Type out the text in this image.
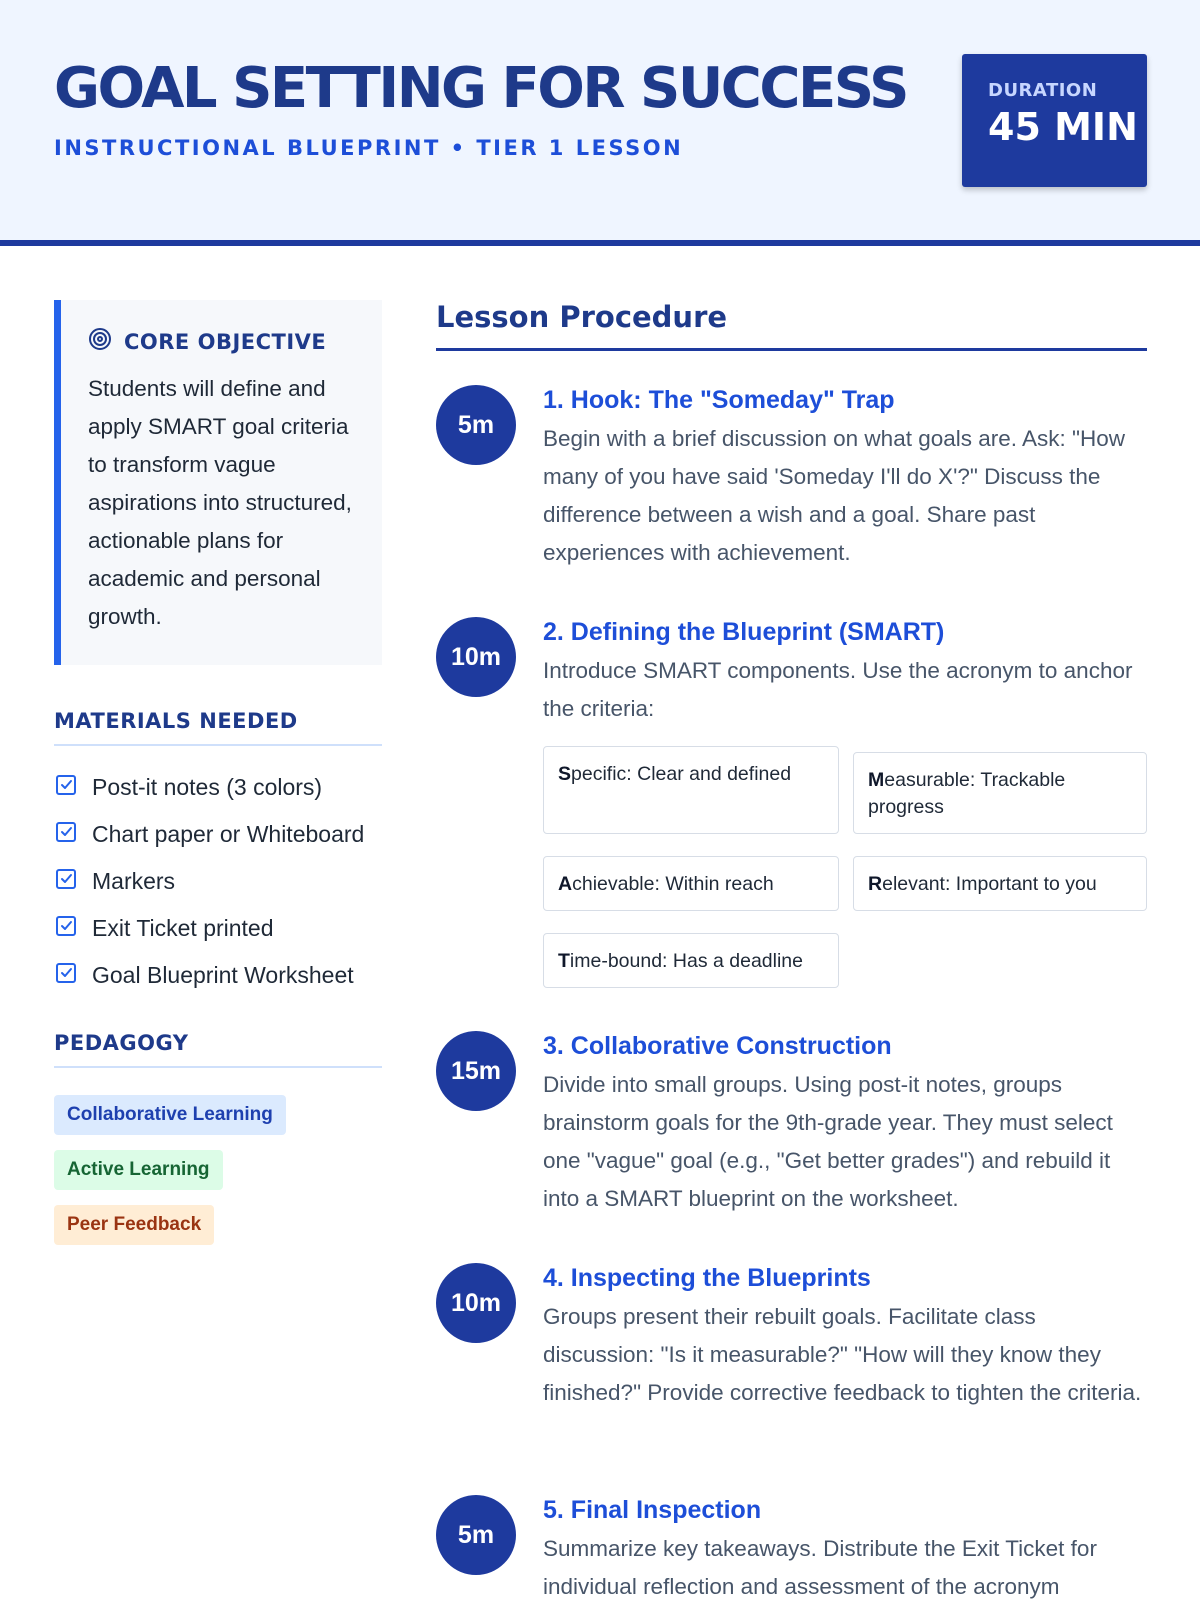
GOAL SETTING FOR SUCCESS
INSTRUCTIONAL BLUEPRINT • TIER 1 LESSON
DURATION
45 MIN
CORE OBJECTIVE
Students will define and apply SMART goal criteria to transform vague aspirations into structured, actionable plans for academic and personal growth.
MATERIALS NEEDED
Post-it notes (3 colors)
Chart paper or Whiteboard
Markers
Exit Ticket printed
Goal Blueprint Worksheet
PEDAGOGY
Collaborative Learning
Active Learning
Peer Feedback
Lesson Procedure
5m
1. Hook: The "Someday" Trap
Begin with a brief discussion on what goals are. Ask: "How many of you have said 'Someday I'll do X'?" Discuss the difference between a wish and a goal. Share past experiences with achievement.
10m
2. Defining the Blueprint (SMART)
Introduce SMART components. Use the acronym to anchor the criteria:
Specific: Clear and defined	Measurable: Trackable progress
Achievable: Within reach	Relevant: Important to you
Time-bound: Has a deadline
15m
3. Collaborative Construction
Divide into small groups. Using post-it notes, groups brainstorm goals for the 9th-grade year. They must select one "vague" goal (e.g., "Get better grades") and rebuild it into a SMART blueprint on the worksheet.
10m
4. Inspecting the Blueprints
Groups present their rebuilt goals. Facilitate class discussion: "Is it measurable?" "How will they know they finished?" Provide corrective feedback to tighten the criteria.
5m
5. Final Inspection
Summarize key takeaways. Distribute the Exit Ticket for individual reflection and assessment of the acronym
